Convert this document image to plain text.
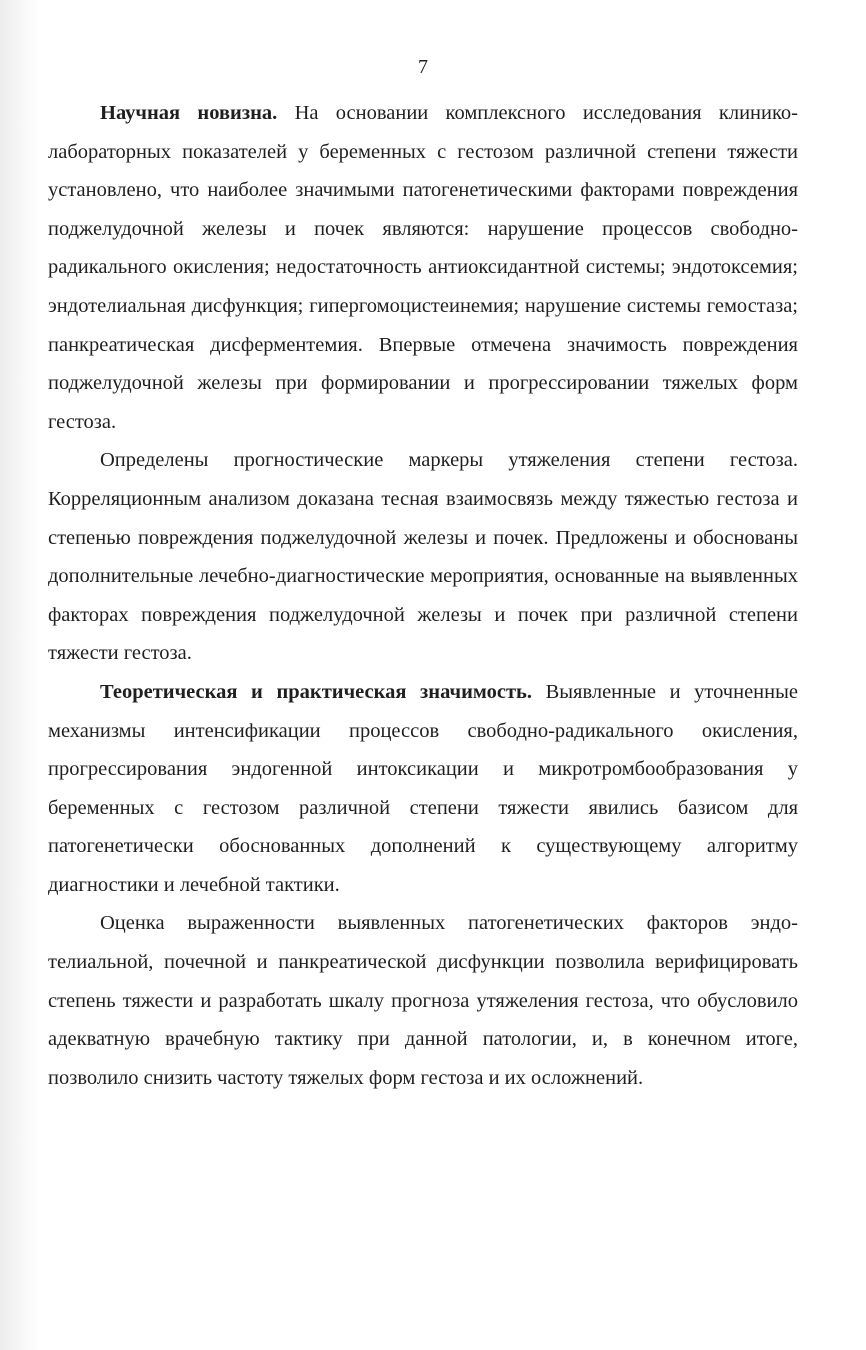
7

Научная новизна. На основании комплексного исследования клинико-лабораторных показателей у беременных с гестозом различной степени тяжести установлено, что наиболее значимыми патогенетическими факторами повреждения поджелудочной железы и почек являются: нарушение процессов свободно-радикального окисления; недостаточность антиоксидантной системы; эндотоксемия; эндотелиальная дисфункция; гипергомоцистеинемия; нарушение системы гемостаза; панкреатическая дисферментемия. Впервые отмечена значимость повреждения поджелудочной железы при формировании и прогрессировании тяжелых форм гестоза.

Определены прогностические маркеры утяжеления степени гестоза. Корреляционным анализом доказана тесная взаимосвязь между тяжестью гестоза и степенью повреждения поджелудочной железы и почек. Предложены и обоснованы дополнительные лечебно-диагностические мероприятия, основанные на выявленных факторах повреждения поджелудочной железы и почек при различной степени тяжести гестоза.

Теоретическая и практическая значимость. Выявленные и уточненные механизмы интенсификации процессов свободно-радикального окисления, прогрессирования эндогенной интоксикации и микротромбообразования у беременных с гестозом различной степени тяжести явились базисом для патогенетически обоснованных дополнений к существующему алгоритму диагностики и лечебной тактики.

Оценка выраженности выявленных патогенетических факторов эндотелиальной, почечной и панкреатической дисфункции позволила верифицировать степень тяжести и разработать шкалу прогноза утяжеления гестоза, что обусловило адекватную врачебную тактику при данной патологии, и, в конечном итоге, позволило снизить частоту тяжелых форм гестоза и их осложнений.
